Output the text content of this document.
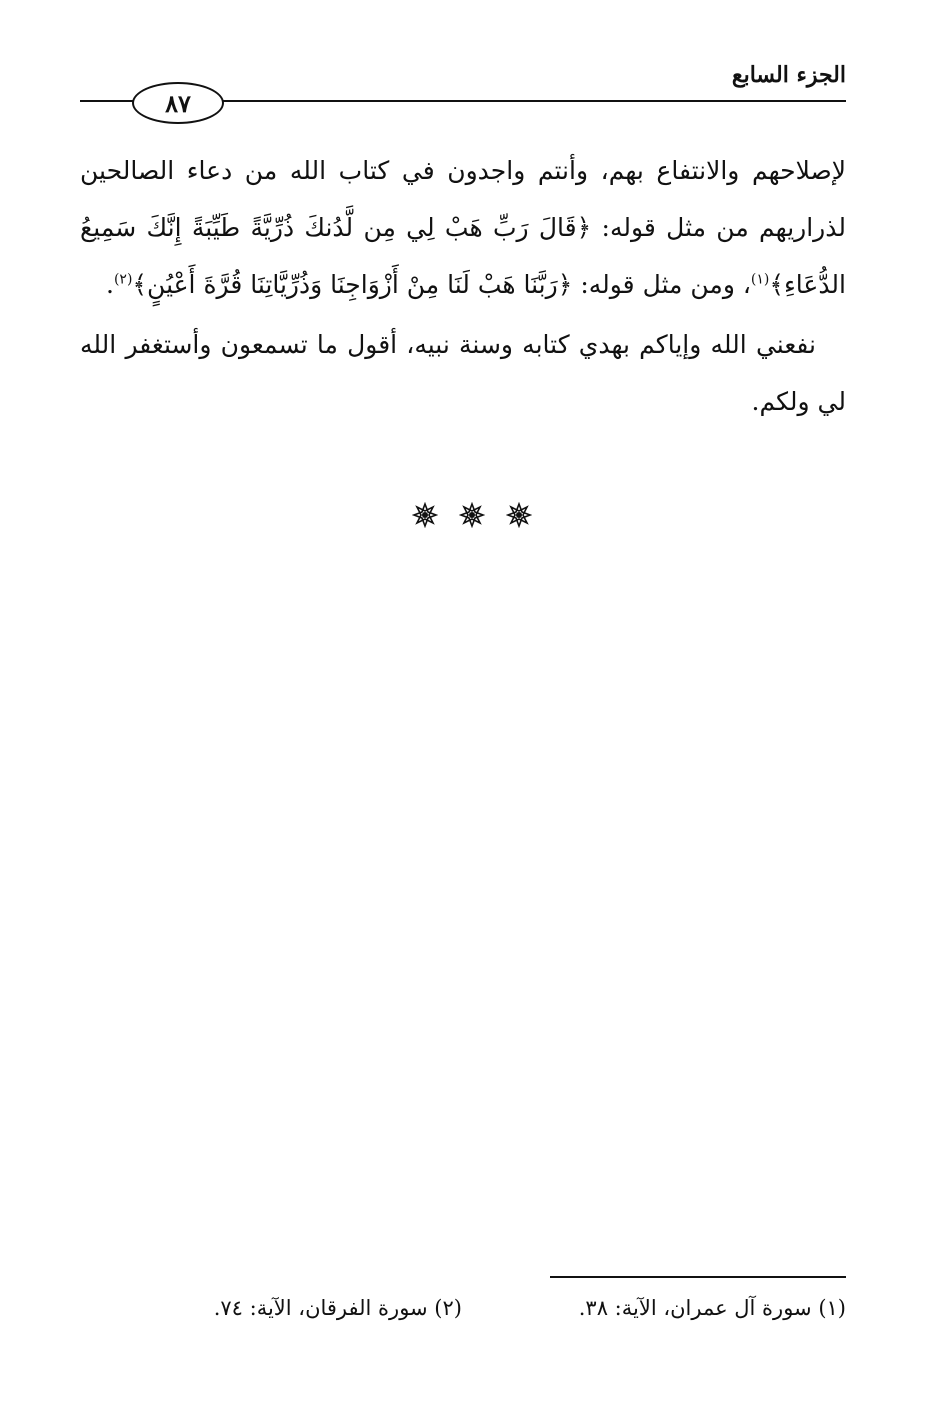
الجزء السابع
٨٧
لإصلاحهم والانتفاع بهم، وأنتم واجدون في كتاب الله من دعاء الصالحين لذراريهم من مثل قوله: ﴿قَالَ رَبِّ هَبْ لِي مِن لَّدُنكَ ذُرِّيَّةً طَيِّبَةً إِنَّكَ سَمِيعُ الدُّعَاءِ﴾$^{(١)}$، ومن مثل قوله: ﴿رَبَّنَا هَبْ لَنَا مِنْ أَزْوَاجِنَا وَذُرِّيَّاتِنَا قُرَّةَ أَعْيُنٍ﴾$^{(٢)}$.
نفعني الله وإياكم بهدي كتابه وسنة نبيه، أقول ما تسمعون وأستغفر الله لي ولكم.

(١) سورة آل عمران، الآية: ٣٨.
(٢) سورة الفرقان، الآية: ٧٤.
